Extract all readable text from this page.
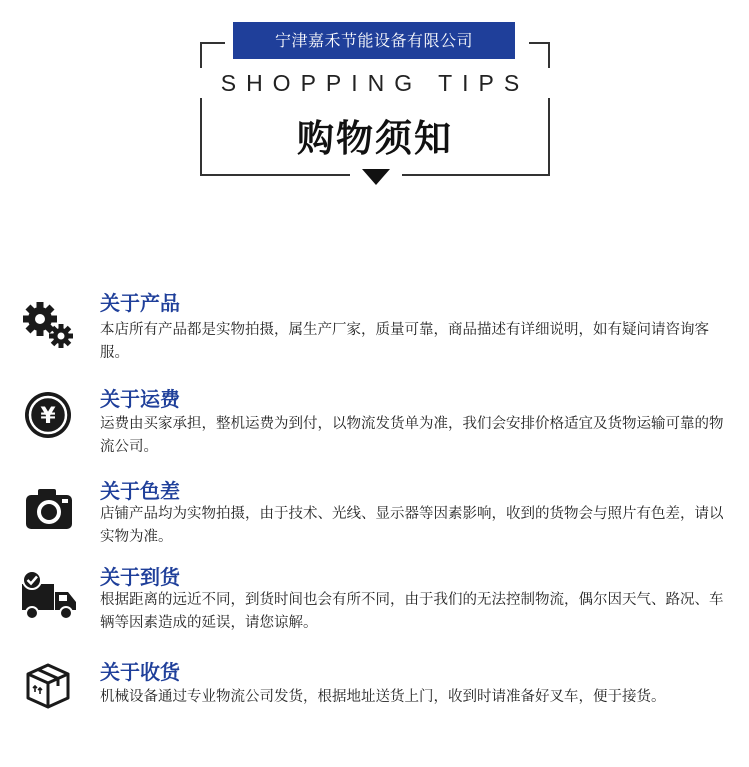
宁津嘉禾节能设备有限公司
SHOPPING TIPS
购物须知
关于产品
本店所有产品都是实物拍摄，属生产厂家，质量可靠，商品描述有详细说明，如有疑问请咨询客服。
¥
关于运费
运费由买家承担，整机运费为到付，以物流发货单为准，我们会安排价格适宜及货物运输可靠的物流公司。
关于色差
店铺产品均为实物拍摄，由于技术、光线、显示器等因素影响，收到的货物会与照片有色差，请以实物为准。
关于到货
根据距离的远近不同，到货时间也会有所不同，由于我们的无法控制物流，偶尔因天气、路况、车辆等因素造成的延误，请您谅解。
关于收货
机械设备通过专业物流公司发货，根据地址送货上门，收到时请准备好叉车，便于接货。
